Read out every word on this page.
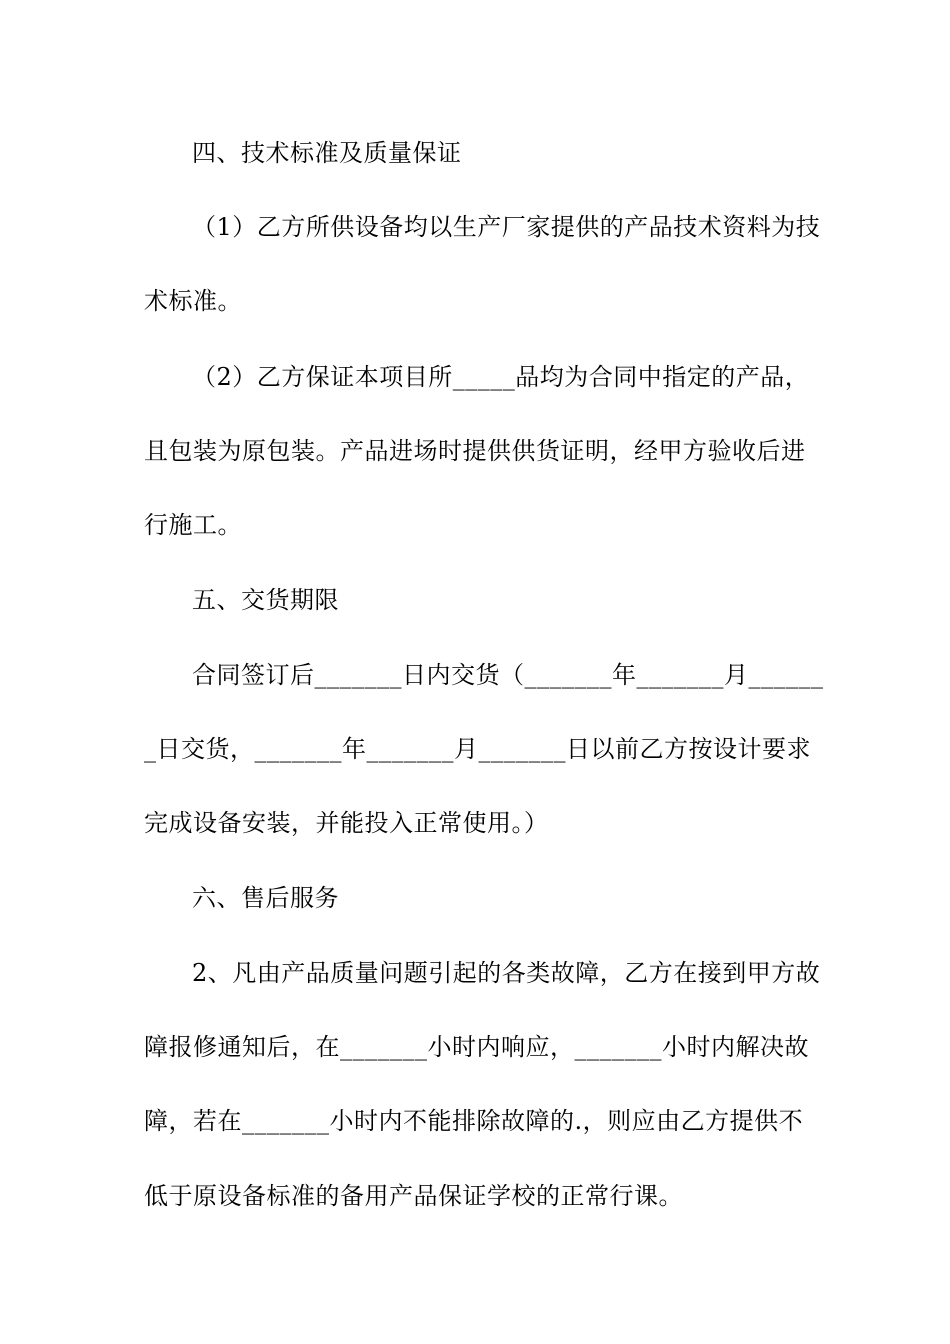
四、技术标准及质量保证
（1）乙方所供设备均以生产厂家提供的产品技术资料为技
术标准。
（2）乙方保证本项目所_____品均为合同中指定的产品，
且包装为原包装。产品进场时提供供货证明，经甲方验收后进
行施工。
五、交货期限
合同签订后_______日内交货（_______年_______月______
_日交货，_______年_______月_______日以前乙方按设计要求
完成设备安装，并能投入正常使用。）
六、售后服务
2、凡由产品质量问题引起的各类故障，乙方在接到甲方故
障报修通知后，在_______小时内响应，_______小时内解决故
障，若在_______小时内不能排除故障的.，则应由乙方提供不
低于原设备标准的备用产品保证学校的正常行课。
